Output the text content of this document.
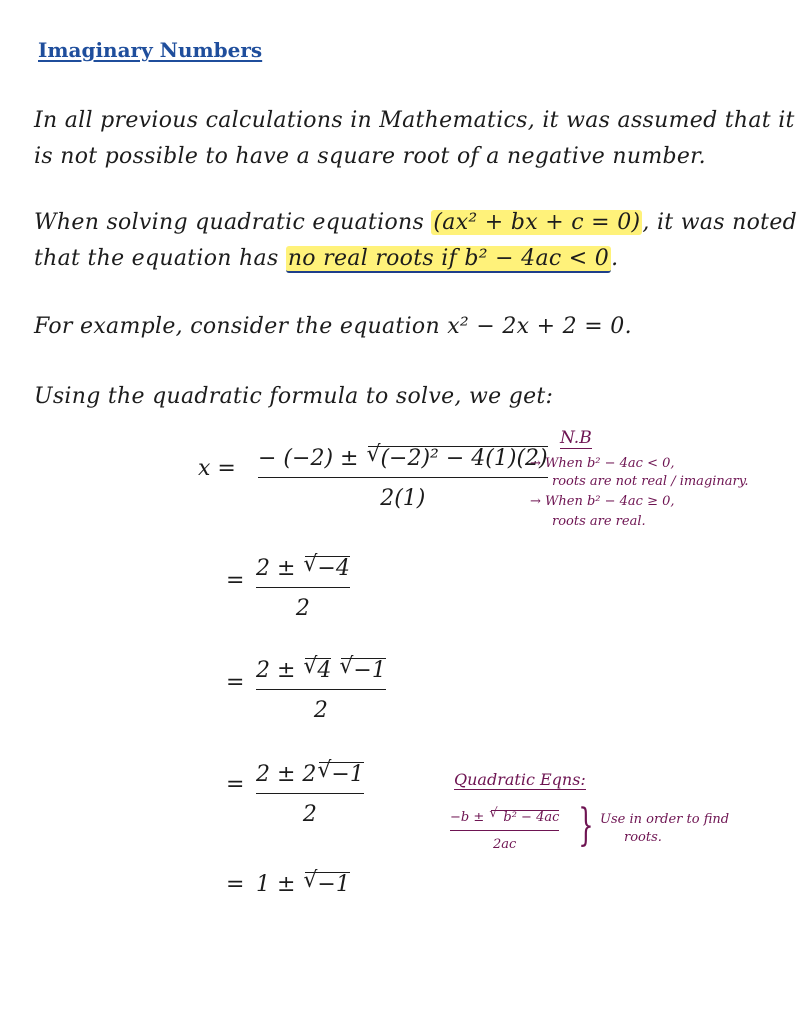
Imaginary Numbers
In all previous calculations in Mathematics, it was assumed that it
is not possible to have a square root of a negative number.
When solving quadratic equations (ax² + bx + c = 0), it was noted
that the equation has no real roots if b² − 4ac < 0.
For example, consider the equation x² − 2x + 2 = 0.
Using the quadratic formula to solve, we get:
x = − (−2) ± √ (−2)² − 4(1)(2)
2(1)
= 2 ± √ −4
2
= 2 ± √ 4 √ −1
2
= 2 ± 2 √ −1
2
= 1 ± √ −1
N.B
→ When b² − 4ac < 0,
roots are not real / imaginary.
→ When b² − 4ac ≥ 0,
roots are real.
Quadratic Eqns:
−b ± √ b² − 4ac
2ac } Use in order to find
roots.
